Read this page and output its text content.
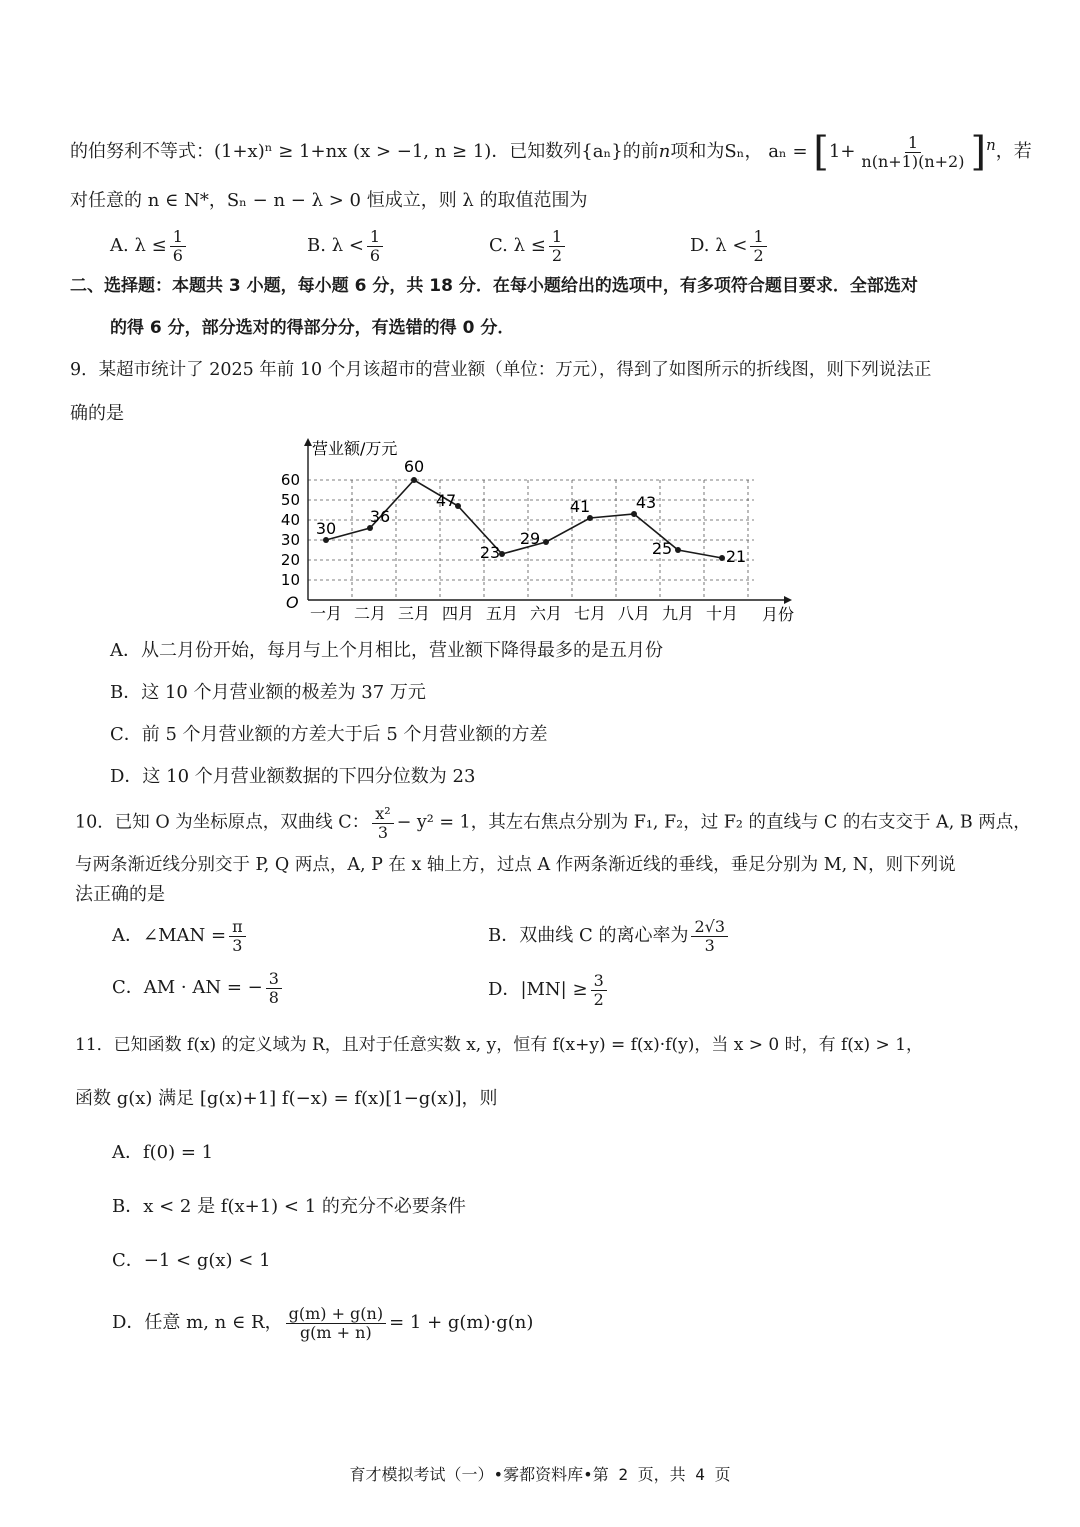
的伯努利不等式：(1+x)ⁿ ≥ 1+nx (x > −1, n ≥ 1)．已知数列{aₙ}的前n项和为Sₙ， $a_n = [1+ \frac{1}{n(n+1)(n+2)} ]^n$，若
对任意的 n ∈ N*，Sₙ − n − λ > 0 恒成立，则 λ 的取值范围为
A. $\lambda \le \frac{1}{6}$	B. $\lambda < \frac{1}{6}$	C. $\lambda \le \frac{1}{2}$	D. $\lambda < \frac{1}{2}$
二、选择题：本题共 3 小题，每小题 6 分，共 18 分．在每小题给出的选项中，有多项符合题目要求．全部选对
的得 6 分，部分选对的得部分分，有选错的得 0 分．
9．某超市统计了 2025 年前 10 个月该超市的营业额（单位：万元），得到了如图所示的折线图，则下列说法正
确的是
10
20
30
40
50
60
一月 二月 三月 四月 五月 六月 七月 八月 九月 十月
30
36
60
47
23
29
41	43
25	21
营业额/万元
月份
O
A．从二月份开始，每月与上个月相比，营业额下降得最多的是五月份
B．这 10 个月营业额的极差为 37 万元
C．前 5 个月营业额的方差大于后 5 个月营业额的方差
D．这 10 个月营业额数据的下四分位数为 23
10．已知 O 为坐标原点，双曲线 C： $\frac{\text{x²}}{3} - y^2 = 1$，其左右焦点分别为 F₁, F₂，过 F₂ 的直线与 C 的右支交于 A, B 两点，
与两条渐近线分别交于 P, Q 两点，A, P 在 x 轴上方，过点 A 作两条渐近线的垂线，垂足分别为 M, N，则下列说
法正确的是
A．∠MAN = $\frac{\pi}{3}$	B．双曲线 C 的离心率为 $\frac{2√3}{3}$
C．AM · AN = − $\frac{3}{8}$	D．$|MN| \ge \frac{3}{2}$
11．已知函数 f(x) 的定义域为 R，且对于任意实数 x, y，恒有 f(x+y) = f(x)·f(y)，当 x > 0 时，有 f(x) > 1，
函数 g(x) 满足 [g(x)+1] f(−x) = f(x)[1−g(x)]，则
A．f(0) = 1
B．x < 2 是 f(x+1) < 1 的充分不必要条件
C．−1 < g(x) < 1
D．任意 m, n ∈ R， $\frac{g(m) + g(n)}{g(m + n)} = 1 + g(m)\cdot g(n)$
育才模拟考试（一）•雾都资料库•第 2 页，共 4 页
